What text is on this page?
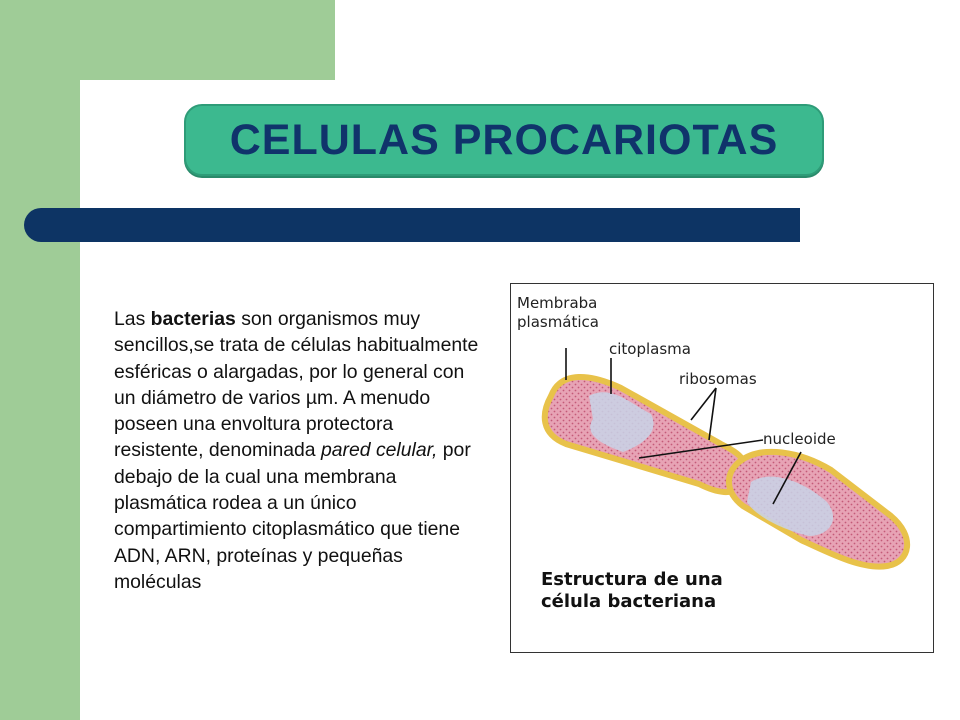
CELULAS PROCARIOTAS
Las bacterias son organismos muy sencillos,se trata de células habitualmente esféricas o alargadas, por lo general con un diámetro de varios µm. A menudo poseen una envoltura protectora resistente, denominada pared celular, por debajo de la cual una membrana plasmática rodea a un único compartimiento citoplasmático que tiene ADN, ARN, proteínas y pequeñas moléculas
Membraba
plasmática
citoplasma
ribosomas
nucleoide
Estructura de una
célula bacteriana
